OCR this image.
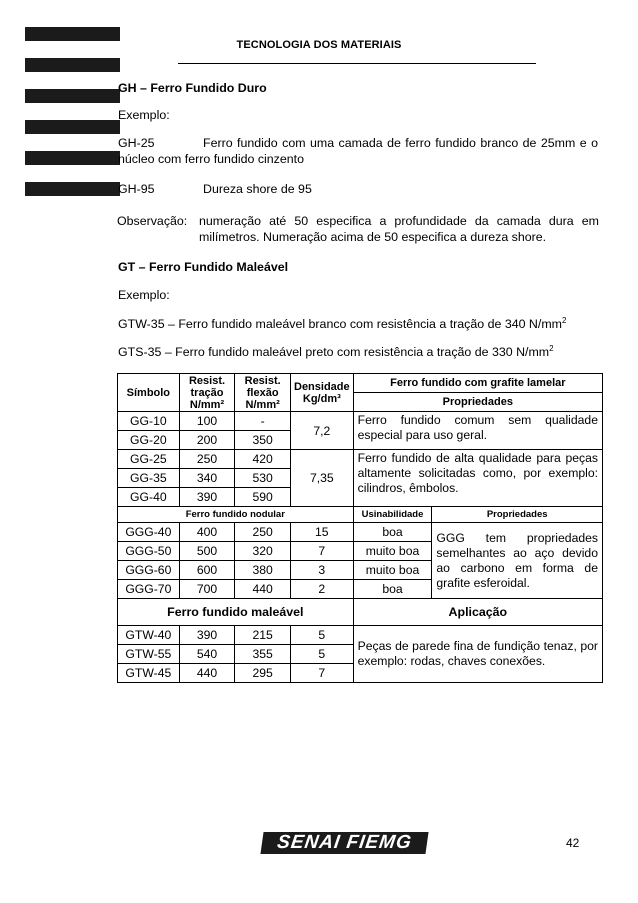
TECNOLOGIA DOS MATERIAIS
GH – Ferro Fundido Duro
Exemplo:
GH-25	Ferro fundido com uma camada de ferro fundido branco de 25mm e o núcleo com ferro fundido cinzento
GH-95	Dureza shore de 95
Observação: numeração até 50 especifica a profundidade da camada dura em milímetros. Numeração acima de 50 especifica a dureza shore.
GT – Ferro Fundido Maleável
Exemplo:
GTW-35 – Ferro fundido maleável branco com resistência a tração de 340 $N/mm^2$
GTS-35 – Ferro fundido maleável preto com resistência a tração de 330 $N/mm^2$
Símbolo	Resist. tração N/mm²	Resist. flexão N/mm²	Densidade Kg/dm³	Ferro fundido com grafite lamelar	
				Propriedades	
GG-10	100	-	7,2	Ferro fundido comum sem qualidade especial para uso geral.	
GG-20	200	350			
GG-25	250	420	7,35	Ferro fundido de alta qualidade para peças altamente solicitadas como, por exemplo: cilindros, êmbolos.	
GG-35	340	530			
GG-40	390	590			
Ferro fundido nodular				Usinabilidade	Propriedades
GGG-40	400	250	15	boa	GGG tem propriedades semelhantes ao aço devido ao carbono em forma de grafite esferoidal.
GGG-50	500	320	7	muito boa	
GGG-60	600	380	3	muito boa	
GGG-70	700	440	2	boa	
Ferro fundido maleável				Aplicação	
GTW-40	390	215	5	Peças de parede fina de fundição tenaz, por exemplo: rodas, chaves conexões.	
GTW-55	540	355	5		
GTW-45	440	295	7		
SENAI FIEMG	42
